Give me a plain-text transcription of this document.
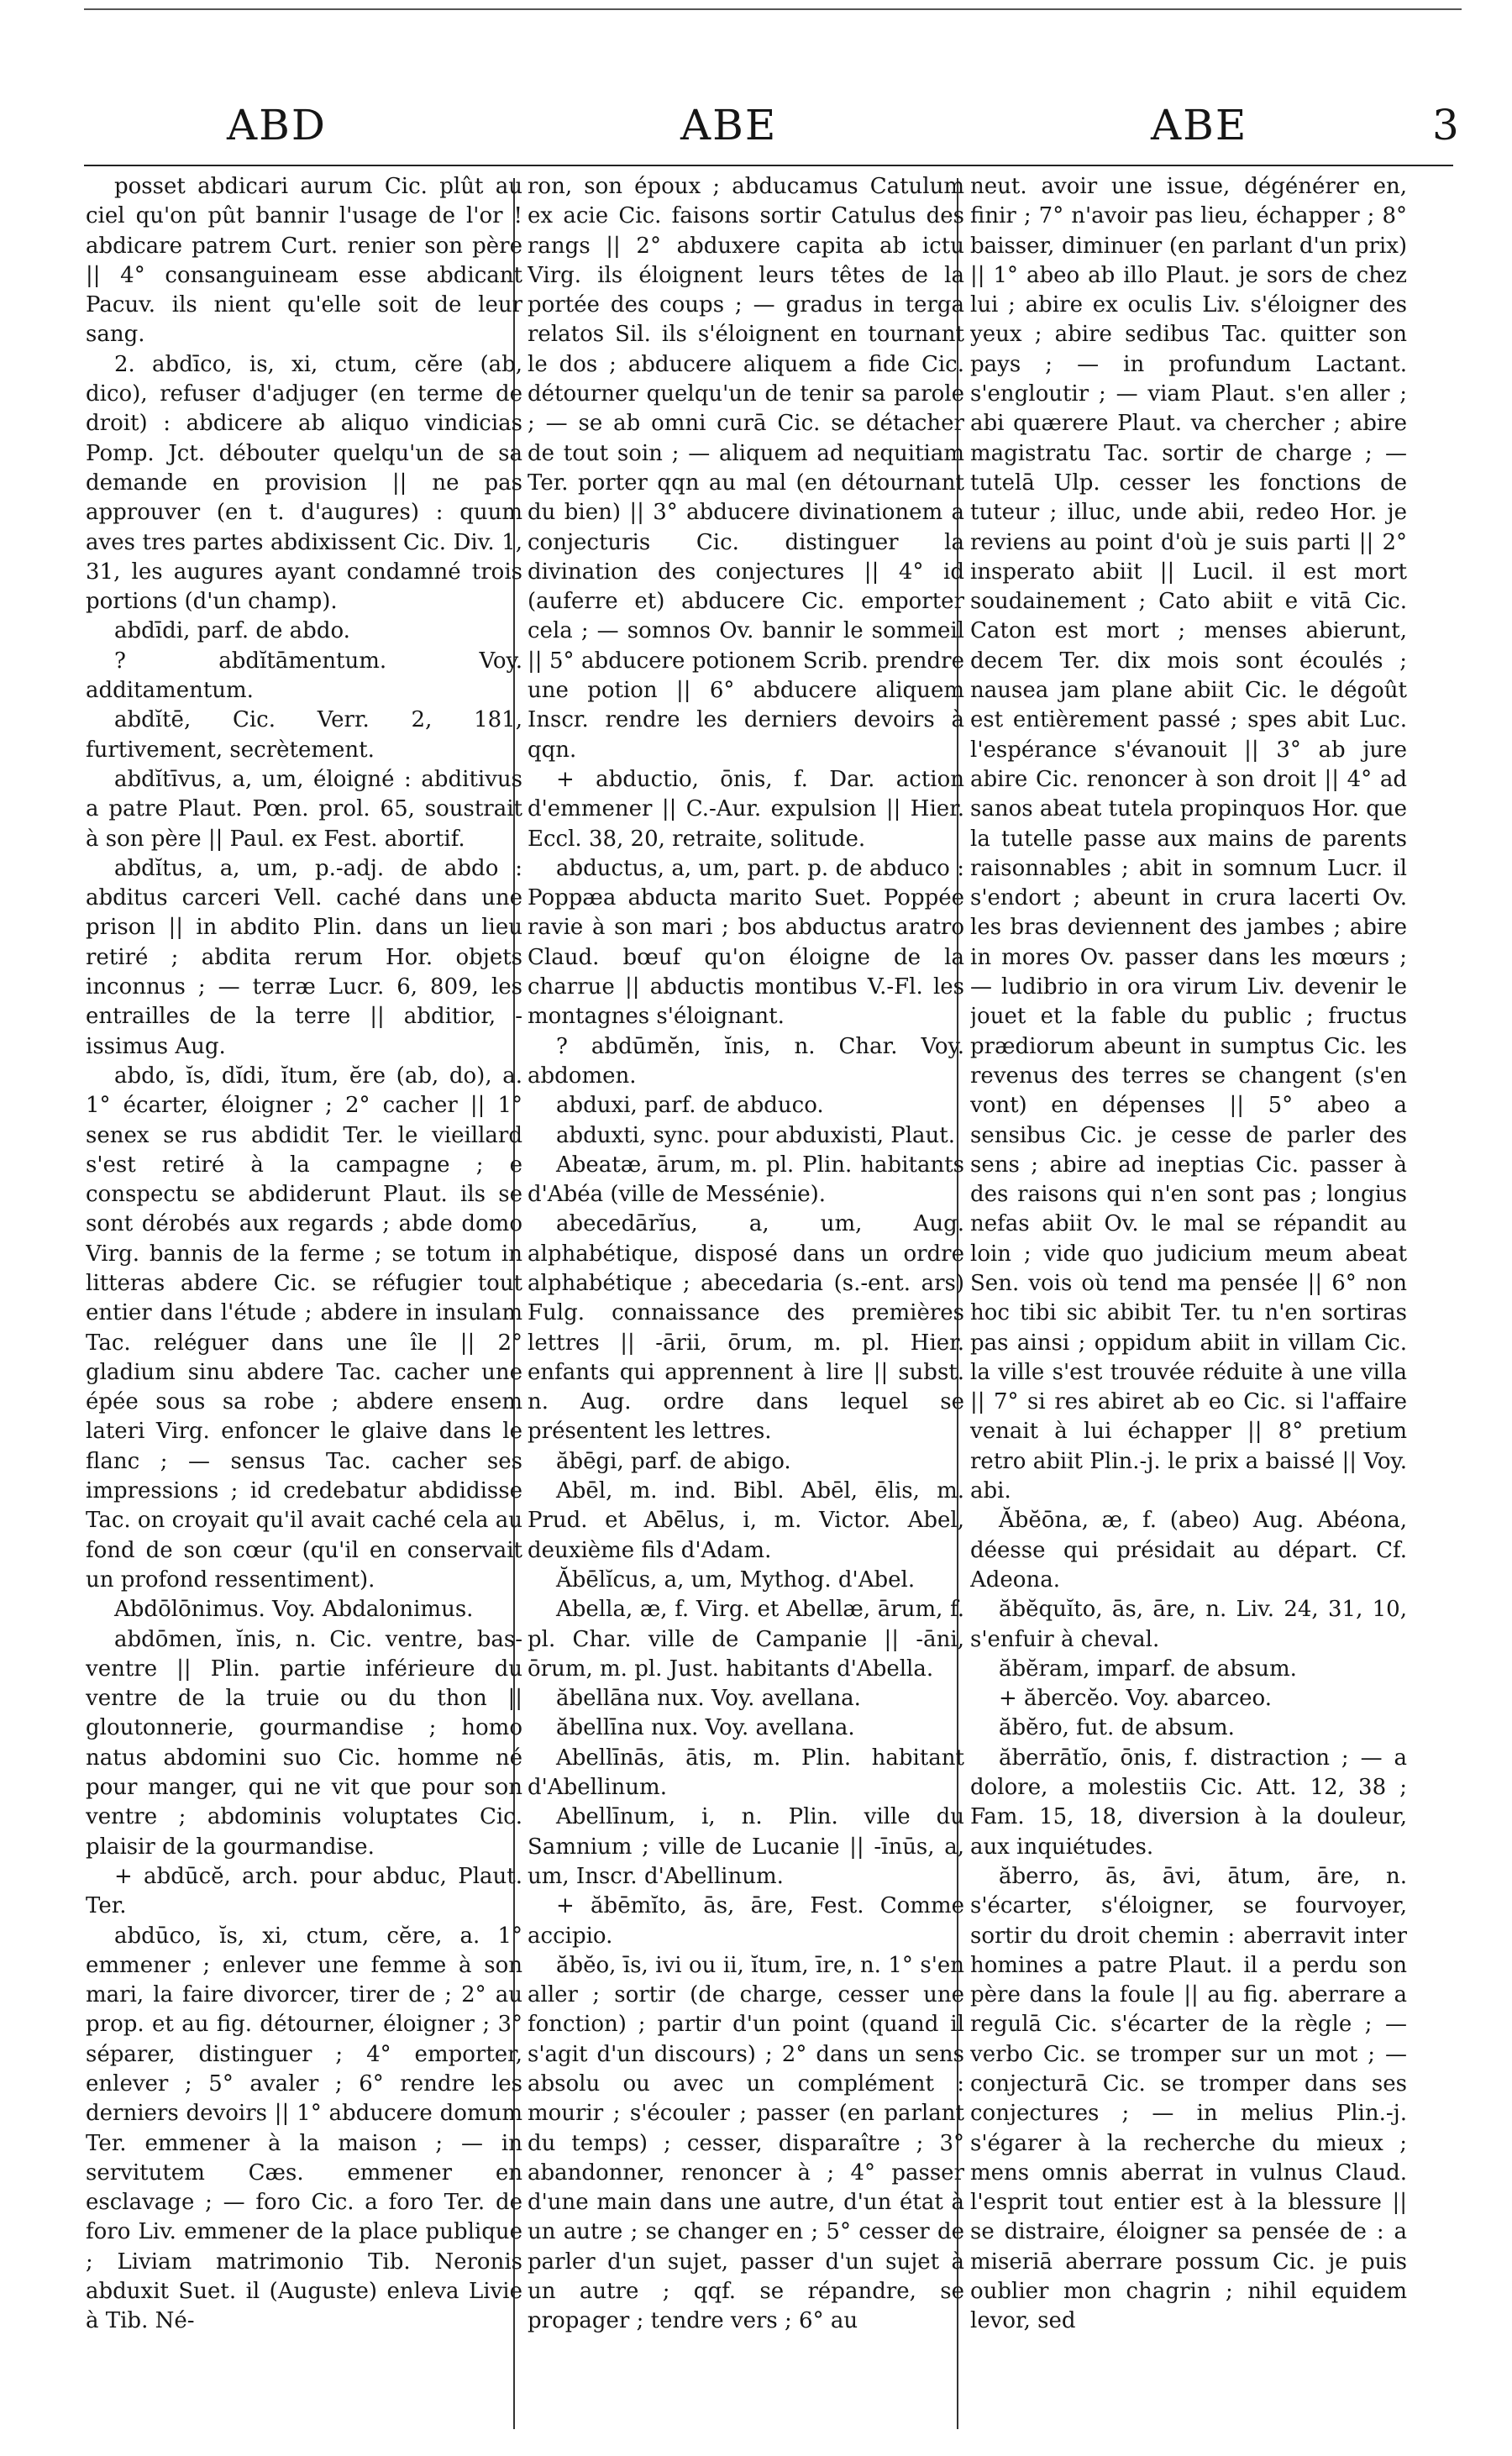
ABD	ABE	ABE	3

posset abdicari aurum Cic. plût au ciel qu'on pût bannir l'usage de l'or ! abdicare patrem Curt. renier son père || 4° consanguineam esse abdicant Pacuv. ils nient qu'elle soit de leur sang.

2. abdīco, is, xi, ctum, cĕre (ab, dico), refuser d'adjuger (en terme de droit) : abdicere ab aliquo vindicias Pomp. Jct. débouter quelqu'un de sa demande en provision || ne pas approuver (en t. d'augures) : quum aves tres partes abdixissent Cic. Div. 1, 31, les augures ayant condamné trois portions (d'un champ).

abdīdi, parf. de abdo.

? abdĭtāmentum. Voy. additamentum.

abdĭtē, Cic. Verr. 2, 181, furtivement, secrètement.

abdĭtīvus, a, um, éloigné : abditivus a patre Plaut. Pœn. prol. 65, soustrait à son père || Paul. ex Fest. abortif.

abdĭtus, a, um, p.-adj. de abdo : abditus carceri Vell. caché dans une prison || in abdito Plin. dans un lieu retiré ; abdita rerum Hor. objets inconnus ; — terræ Lucr. 6, 809, les entrailles de la terre || abditior, -issimus Aug.

abdo, ĭs, dĭdi, ĭtum, ĕre (ab, do), a. 1° écarter, éloigner ; 2° cacher || 1° senex se rus abdidit Ter. le vieillard s'est retiré à la campagne ; e conspectu se abdiderunt Plaut. ils se sont dérobés aux regards ; abde domo Virg. bannis de la ferme ; se totum in litteras abdere Cic. se réfugier tout entier dans l'étude ; abdere in insulam Tac. reléguer dans une île || 2° gladium sinu abdere Tac. cacher une épée sous sa robe ; abdere ensem lateri Virg. enfoncer le glaive dans le flanc ; — sensus Tac. cacher ses impressions ; id credebatur abdidisse Tac. on croyait qu'il avait caché cela au fond de son cœur (qu'il en conservait un profond ressentiment).

Abdōlōnimus. Voy. Abdalonimus.

abdōmen, ĭnis, n. Cic. ventre, bas-ventre || Plin. partie inférieure du ventre de la truie ou du thon || gloutonnerie, gourmandise ; homo natus abdomini suo Cic. homme né pour manger, qui ne vit que pour son ventre ; abdominis voluptates Cic. plaisir de la gourmandise.

+ abdūcĕ, arch. pour abduc, Plaut. Ter.

abdūco, ĭs, xi, ctum, cĕre, a. 1° emmener ; enlever une femme à son mari, la faire divorcer, tirer de ; 2° au prop. et au fig. détourner, éloigner ; 3° séparer, distinguer ; 4° emporter, enlever ; 5° avaler ; 6° rendre les derniers devoirs || 1° abducere domum Ter. emmener à la maison ; — in servitutem Cæs. emmener en esclavage ; — foro Cic. a foro Ter. de foro Liv. emmener de la place publique ; Liviam matrimonio Tib. Neronis abduxit Suet. il (Auguste) enleva Livie à Tib. Né-

ron, son époux ; abducamus Catulum ex acie Cic. faisons sortir Catulus des rangs || 2° abduxere capita ab ictu Virg. ils éloignent leurs têtes de la portée des coups ; — gradus in terga relatos Sil. ils s'éloignent en tournant le dos ; abducere aliquem a fide Cic. détourner quelqu'un de tenir sa parole ; — se ab omni curā Cic. se détacher de tout soin ; — aliquem ad nequitiam Ter. porter qqn au mal (en détournant du bien) || 3° abducere divinationem a conjecturis Cic. distinguer la divination des conjectures || 4° id (auferre et) abducere Cic. emporter cela ; — somnos Ov. bannir le sommeil || 5° abducere potionem Scrib. prendre une potion || 6° abducere aliquem Inscr. rendre les derniers devoirs à qqn.

+ abductio, ōnis, f. Dar. action d'emmener || C.-Aur. expulsion || Hier. Eccl. 38, 20, retraite, solitude.

abductus, a, um, part. p. de abduco : Poppæa abducta marito Suet. Poppée ravie à son mari ; bos abductus aratro Claud. bœuf qu'on éloigne de la charrue || abductis montibus V.-Fl. les montagnes s'éloignant.

? abdūmĕn, ĭnis, n. Char. Voy. abdomen.

abduxi, parf. de abduco.

abduxti, sync. pour abduxisti, Plaut.

Abeatæ, ārum, m. pl. Plin. habitants d'Abéa (ville de Messénie).

abecedārĭus, a, um, Aug. alphabétique, disposé dans un ordre alphabétique ; abecedaria (s.-ent. ars) Fulg. connaissance des premières lettres || -ārii, ōrum, m. pl. Hier. enfants qui apprennent à lire || subst. n. Aug. ordre dans lequel se présentent les lettres.

ăbēgi, parf. de abigo.

Abēl, m. ind. Bibl. Abēl, ēlis, m. Prud. et Abēlus, i, m. Victor. Abel, deuxième fils d'Adam.

Ăbēlĭcus, a, um, Mythog. d'Abel.

Abella, æ, f. Virg. et Abellæ, ārum, f. pl. Char. ville de Campanie || -āni, ōrum, m. pl. Just. habitants d'Abella.

ăbellāna nux. Voy. avellana.

ăbellīna nux. Voy. avellana.

Abellīnās, ātis, m. Plin. habitant d'Abellinum.

Abellīnum, i, n. Plin. ville du Samnium ; ville de Lucanie || -īnūs, a, um, Inscr. d'Abellinum.

+ ăbēmĭto, ās, āre, Fest. Comme accipio.

ăbĕo, īs, ivi ou ii, ĭtum, īre, n. 1° s'en aller ; sortir (de charge, cesser une fonction) ; partir d'un point (quand il s'agit d'un discours) ; 2° dans un sens absolu ou avec un complément : mourir ; s'écouler ; passer (en parlant du temps) ; cesser, disparaître ; 3° abandonner, renoncer à ; 4° passer d'une main dans une autre, d'un état à un autre ; se changer en ; 5° cesser de parler d'un sujet, passer d'un sujet à un autre ; qqf. se répandre, se propager ; tendre vers ; 6° au

neut. avoir une issue, dégénérer en, finir ; 7° n'avoir pas lieu, échapper ; 8° baisser, diminuer (en parlant d'un prix) || 1° abeo ab illo Plaut. je sors de chez lui ; abire ex oculis Liv. s'éloigner des yeux ; abire sedibus Tac. quitter son pays ; — in profundum Lactant. s'engloutir ; — viam Plaut. s'en aller ; abi quærere Plaut. va chercher ; abire magistratu Tac. sortir de charge ; — tutelā Ulp. cesser les fonctions de tuteur ; illuc, unde abii, redeo Hor. je reviens au point d'où je suis parti || 2° insperato abiit || Lucil. il est mort soudainement ; Cato abiit e vitā Cic. Caton est mort ; menses abierunt, decem Ter. dix mois sont écoulés ; nausea jam plane abiit Cic. le dégoût est entièrement passé ; spes abit Luc. l'espérance s'évanouit || 3° ab jure abire Cic. renoncer à son droit || 4° ad sanos abeat tutela propinquos Hor. que la tutelle passe aux mains de parents raisonnables ; abit in somnum Lucr. il s'endort ; abeunt in crura lacerti Ov. les bras deviennent des jambes ; abire in mores Ov. passer dans les mœurs ; — ludibrio in ora virum Liv. devenir le jouet et la fable du public ; fructus prædiorum abeunt in sumptus Cic. les revenus des terres se changent (s'en vont) en dépenses || 5° abeo a sensibus Cic. je cesse de parler des sens ; abire ad ineptias Cic. passer à des raisons qui n'en sont pas ; longius nefas abiit Ov. le mal se répandit au loin ; vide quo judicium meum abeat Sen. vois où tend ma pensée || 6° non hoc tibi sic abibit Ter. tu n'en sortiras pas ainsi ; oppidum abiit in villam Cic. la ville s'est trouvée réduite à une villa || 7° si res abiret ab eo Cic. si l'affaire venait à lui échapper || 8° pretium retro abiit Plin.-j. le prix a baissé || Voy. abi.

Ăbĕōna, æ, f. (abeo) Aug. Abéona, déesse qui présidait au départ. Cf. Adeona.

ăbĕquĭto, ās, āre, n. Liv. 24, 31, 10, s'enfuir à cheval.

ăbĕram, imparf. de absum.

+ ăbercĕo. Voy. abarceo.

ăbĕro, fut. de absum.

ăberrātĭo, ōnis, f. distraction ; — a dolore, a molestiis Cic. Att. 12, 38 ; Fam. 15, 18, diversion à la douleur, aux inquiétudes.

ăberro, ās, āvi, ātum, āre, n. s'écarter, s'éloigner, se fourvoyer, sortir du droit chemin : aberravit inter homines a patre Plaut. il a perdu son père dans la foule || au fig. aberrare a regulā Cic. s'écarter de la règle ; — verbo Cic. se tromper sur un mot ; — conjecturā Cic. se tromper dans ses conjectures ; — in melius Plin.-j. s'égarer à la recherche du mieux ; mens omnis aberrat in vulnus Claud. l'esprit tout entier est à la blessure || se distraire, éloigner sa pensée de : a miseriā aberrare possum Cic. je puis oublier mon chagrin ; nihil equidem levor, sed
